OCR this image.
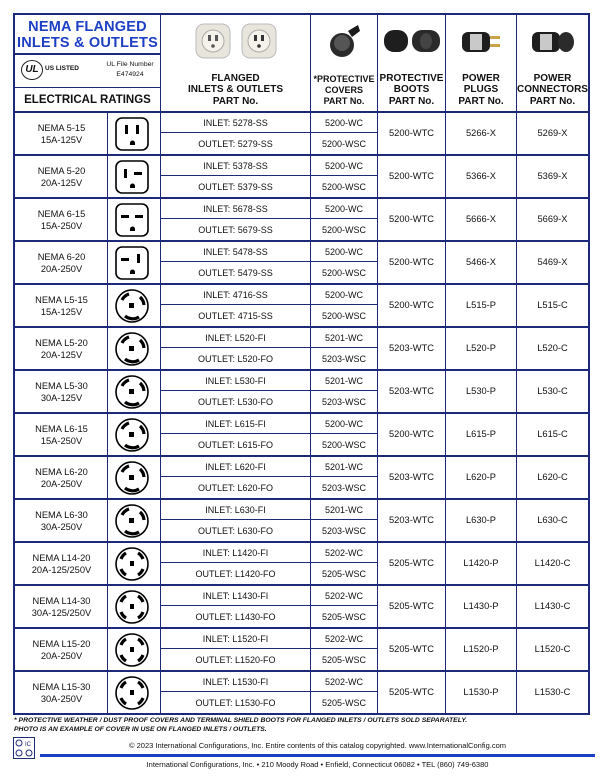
NEMA FLANGED
INLETS & OUTLETS
UL US LISTED
UL File Number
E474924
ELECTRICAL RATINGS
FLANGED
INLETS & OUTLETS
PART No.
*PROTECTIVE
COVERS
PART No.
PROTECTIVE
BOOTS
PART No.
POWER
PLUGS
PART No.
POWER
CONNECTORS
PART No.
NEMA 5-15
15A-125V
INLET: 5278-SS
OUTLET: 5279-SS
5200-WC
5200-WSC
5200-WTC	5266-X	5269-X
NEMA 5-20
20A-125V
INLET: 5378-SS
OUTLET: 5379-SS
5200-WC
5200-WSC
5200-WTC	5366-X	5369-X
NEMA 6-15
15A-250V
INLET: 5678-SS
OUTLET: 5679-SS
5200-WC
5200-WSC
5200-WTC	5666-X	5669-X
NEMA 6-20
20A-250V
INLET: 5478-SS
OUTLET: 5479-SS
5200-WC
5200-WSC
5200-WTC	5466-X	5469-X
NEMA L5-15
15A-125V
INLET: 4716-SS
OUTLET: 4715-SS
5200-WC
5200-WSC
5200-WTC	L515-P	L515-C
NEMA L5-20
20A-125V
INLET: L520-FI
OUTLET: L520-FO
5201-WC
5203-WSC
5203-WTC	L520-P	L520-C
NEMA L5-30
30A-125V
INLET: L530-FI
OUTLET: L530-FO
5201-WC
5203-WSC
5203-WTC	L530-P	L530-C
NEMA L6-15
15A-250V
INLET: L615-FI
OUTLET: L615-FO
5200-WC
5200-WSC
5200-WTC	L615-P	L615-C
NEMA L6-20
20A-250V
INLET: L620-FI
OUTLET: L620-FO
5201-WC
5203-WSC
5203-WTC	L620-P	L620-C
NEMA L6-30
30A-250V
INLET: L630-FI
OUTLET: L630-FO
5201-WC
5203-WSC
5203-WTC	L630-P	L630-C
NEMA L14-20
20A-125/250V
INLET: L1420-FI
OUTLET: L1420-FO
5202-WC
5205-WSC
5205-WTC	L1420-P	L1420-C
NEMA L14-30
30A-125/250V
INLET: L1430-FI
OUTLET: L1430-FO
5202-WC
5205-WSC
5205-WTC	L1430-P	L1430-C
NEMA L15-20
20A-250V
INLET: L1520-FI
OUTLET: L1520-FO
5202-WC
5205-WSC
5205-WTC	L1520-P	L1520-C
NEMA L15-30
30A-250V
INLET: L1530-FI
OUTLET: L1530-FO
5202-WC
5205-WSC
5205-WTC	L1530-P	L1530-C
* PROTECTIVE WEATHER / DUST PROOF COVERS AND TERMINAL SHIELD BOOTS FOR FLANGED INLETS / OUTLETS SOLD SEPARATELY.
PHOTO IS AN EXAMPLE OF COVER IN USE ON FLANGED INLETS / OUTLETS.
IC	© 2023 International Configurations, Inc. Entire contents of this catalog copyrighted. www.InternationalConfig.com
International Configurations, Inc. • 210 Moody Road • Enfield, Connecticut 06082 • TEL (860) 749-6380
